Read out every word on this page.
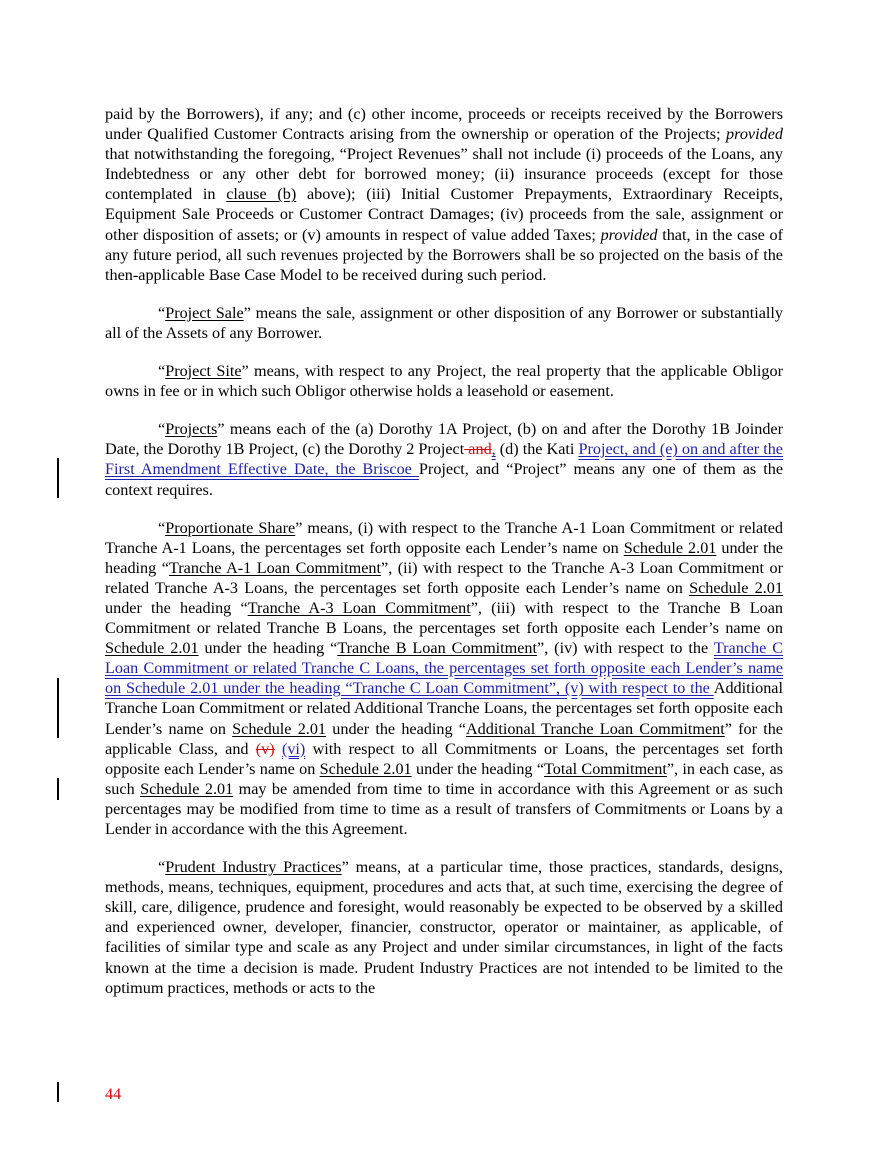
paid by the Borrowers), if any; and (c) other income, proceeds or receipts received by the Borrowers under Qualified Customer Contracts arising from the ownership or operation of the Projects; provided that notwithstanding the foregoing, “Project Revenues” shall not include (i) proceeds of the Loans, any Indebtedness or any other debt for borrowed money; (ii) insurance proceeds (except for those contemplated in clause (b) above); (iii) Initial Customer Prepayments, Extraordinary Receipts, Equipment Sale Proceeds or Customer Contract Damages; (iv) proceeds from the sale, assignment or other disposition of assets; or (v) amounts in respect of value added Taxes; provided that, in the case of any future period, all such revenues projected by the Borrowers shall be so projected on the basis of the then-applicable Base Case Model to be received during such period.

“Project Sale” means the sale, assignment or other disposition of any Borrower or substantially all of the Assets of any Borrower.

“Project Site” means, with respect to any Project, the real property that the applicable Obligor owns in fee or in which such Obligor otherwise holds a leasehold or easement.

“Projects” means each of the (a) Dorothy 1A Project, (b) on and after the Dorothy 1B Joinder Date, the Dorothy 1B Project, (c) the Dorothy 2 Project and, (d) the Kati Project, and (e) on and after the First Amendment Effective Date, the Briscoe Project, and “Project” means any one of them as the context requires.

“Proportionate Share” means, (i) with respect to the Tranche A-1 Loan Commitment or related Tranche A-1 Loans, the percentages set forth opposite each Lender’s name on Schedule 2.01 under the heading “Tranche A-1 Loan Commitment”, (ii) with respect to the Tranche A-3 Loan Commitment or related Tranche A-3 Loans, the percentages set forth opposite each Lender’s name on Schedule 2.01 under the heading “Tranche A-3 Loan Commitment”, (iii) with respect to the Tranche B Loan Commitment or related Tranche B Loans, the percentages set forth opposite each Lender’s name on Schedule 2.01 under the heading “Tranche B Loan Commitment”, (iv) with respect to the Tranche C Loan Commitment or related Tranche C Loans, the percentages set forth opposite each Lender’s name on Schedule 2.01 under the heading “Tranche C Loan Commitment”, (v) with respect to the Additional Tranche Loan Commitment or related Additional Tranche Loans, the percentages set forth opposite each Lender’s name on Schedule 2.01 under the heading “Additional Tranche Loan Commitment” for the applicable Class, and (v) (vi) with respect to all Commitments or Loans, the percentages set forth opposite each Lender’s name on Schedule 2.01 under the heading “Total Commitment”, in each case, as such Schedule 2.01 may be amended from time to time in accordance with this Agreement or as such percentages may be modified from time to time as a result of transfers of Commitments or Loans by a Lender in accordance with the this Agreement.

“Prudent Industry Practices” means, at a particular time, those practices, standards, designs, methods, means, techniques, equipment, procedures and acts that, at such time, exercising the degree of skill, care, diligence, prudence and foresight, would reasonably be expected to be observed by a skilled and experienced owner, developer, financier, constructor, operator or maintainer, as applicable, of facilities of similar type and scale as any Project and under similar circumstances, in light of the facts known at the time a decision is made. Prudent Industry Practices are not intended to be limited to the optimum practices, methods or acts to the

44
